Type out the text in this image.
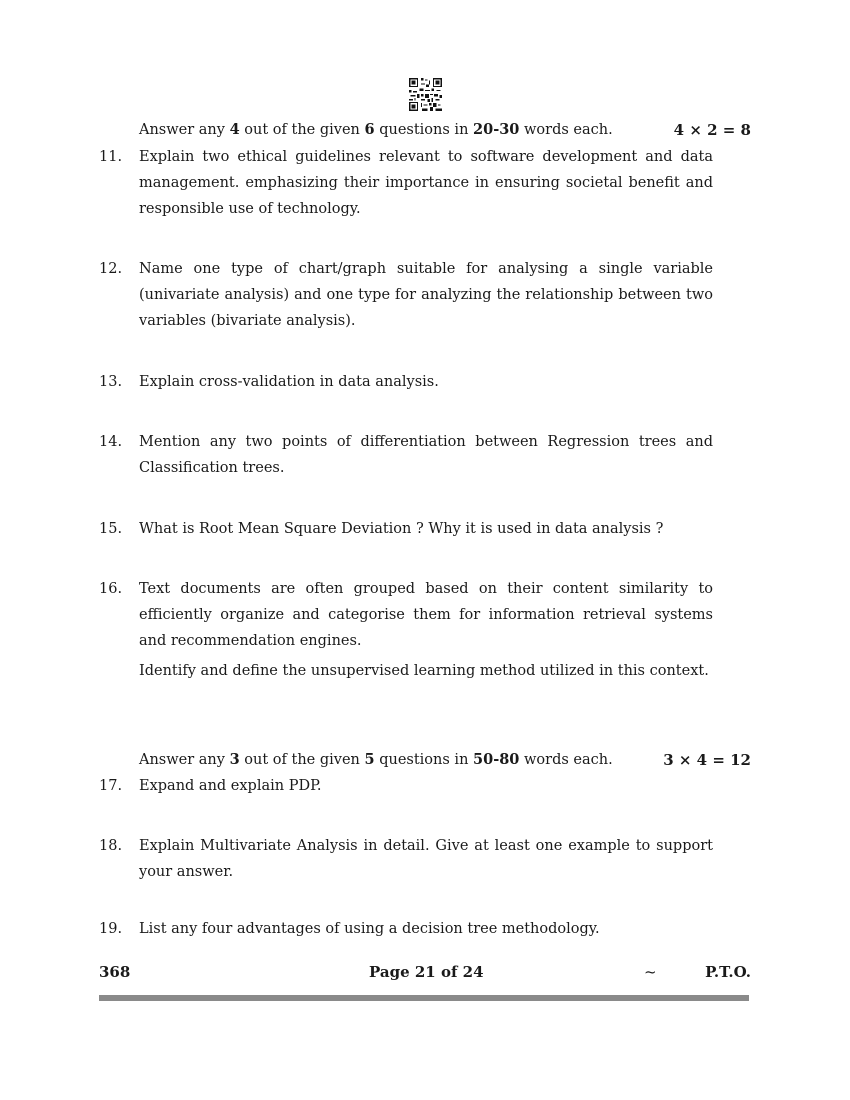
Answer any 4 out of the given 6 questions in 20-30 words each.	4 × 2 = 8
11.	Explain two ethical guidelines relevant to software development and data management. emphasizing their importance in ensuring societal benefit and responsible use of technology.

12.	Name one type of chart/graph suitable for analysing a single variable (univariate analysis) and one type for analyzing the relationship between two variables (bivariate analysis).

13.	Explain cross-validation in data analysis.

14.	Mention any two points of differentiation between Regression trees and Classification trees.

15.	What is Root Mean Square Deviation ? Why it is used in data analysis ?

16.	Text documents are often grouped based on their content similarity to efficiently organize and categorise them for information retrieval systems and recommendation engines.

Identify and define the unsupervised learning method utilized in this context.

Answer any 3 out of the given 5 questions in 50-80 words each.	3 × 4 = 12
17.	Expand and explain PDP.

18.	Explain Multivariate Analysis in detail. Give at least one example to support your answer.

19.	List any four advantages of using a decision tree methodology.

368	Page 21 of 24	~	P.T.O.
